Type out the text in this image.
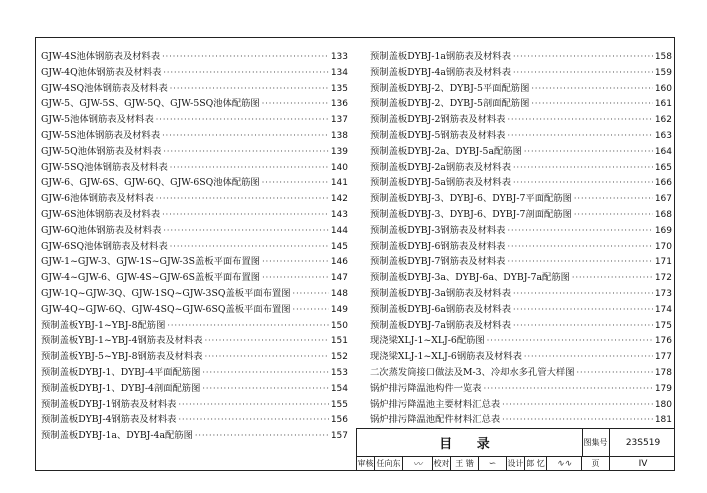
GJW-4S池体钢筋表及材料表 ·····	133
GJW-4Q池体钢筋表及材料表 ·····	134
GJW-4SQ池体钢筋表及材料表 ·····	135
GJW-5、GJW-5S、GJW-5Q、GJW-5SQ池体配筋图 ·····	136
GJW-5池体钢筋表及材料表 ·····	137
GJW-5S池体钢筋表及材料表 ·····	138
GJW-5Q池体钢筋表及材料表 ·····	139
GJW-5SQ池体钢筋表及材料表 ·····	140
GJW-6、GJW-6S、GJW-6Q、GJW-6SQ池体配筋图 ·····	141
GJW-6池体钢筋表及材料表 ·····	142
GJW-6S池体钢筋表及材料表 ·····	143
GJW-6Q池体钢筋表及材料表 ·····	144
GJW-6SQ池体钢筋表及材料表 ·····	145
GJW-1~GJW-3、GJW-1S~GJW-3S盖板平面布置图 ·····	146
GJW-4~GJW-6、GJW-4S~GJW-6S盖板平面布置图 ·····	147
GJW-1Q~GJW-3Q、GJW-1SQ~GJW-3SQ盖板平面布置图 ·····	148
GJW-4Q~GJW-6Q、GJW-4SQ~GJW-6SQ盖板平面布置图 ·····	149
预制盖板YBJ-1~YBJ-8配筋图 ·····	150
预制盖板YBJ-1~YBJ-4钢筋表及材料表 ·····	151
预制盖板YBJ-5~YBJ-8钢筋表及材料表 ·····	152
预制盖板DYBJ-1、DYBJ-4平面配筋图 ·····	153
预制盖板DYBJ-1、DYBJ-4剖面配筋图 ·····	154
预制盖板DYBJ-1钢筋表及材料表 ·····	155
预制盖板DYBJ-4钢筋表及材料表 ·····	156
预制盖板DYBJ-1a、DYBJ-4a配筋图 ·····	157
预制盖板DYBJ-1a钢筋表及材料表 ·····	158
预制盖板DYBJ-4a钢筋表及材料表 ·····	159
预制盖板DYBJ-2、DYBJ-5平面配筋图 ·····	160
预制盖板DYBJ-2、DYBJ-5剖面配筋图 ·····	161
预制盖板DYBJ-2钢筋表及材料表 ·····	162
预制盖板DYBJ-5钢筋表及材料表 ·····	163
预制盖板DYBJ-2a、DYBJ-5a配筋图 ·····	164
预制盖板DYBJ-2a钢筋表及材料表 ·····	165
预制盖板DYBJ-5a钢筋表及材料表 ·····	166
预制盖板DYBJ-3、DYBJ-6、DYBJ-7平面配筋图 ·····	167
预制盖板DYBJ-3、DYBJ-6、DYBJ-7剖面配筋图 ·····	168
预制盖板DYBJ-3钢筋表及材料表 ·····	169
预制盖板DYBJ-6钢筋表及材料表 ·····	170
预制盖板DYBJ-7钢筋表及材料表 ·····	171
预制盖板DYBJ-3a、DYBJ-6a、DYBJ-7a配筋图 ·····	172
预制盖板DYBJ-3a钢筋表及材料表 ·····	173
预制盖板DYBJ-6a钢筋表及材料表 ·····	174
预制盖板DYBJ-7a钢筋表及材料表 ·····	175
现浇梁XLJ-1~XLJ-6配筋图 ·····	176
现浇梁XLJ-1~XLJ-6钢筋表及材料表 ·····	177
二次蒸发筒接口做法及M-3、冷却水多孔管大样图 ·····	178
锅炉排污降温池构件一览表 ·····	179
锅炉排污降温池主要材料汇总表 ·····	180
锅炉排污降温池配件材料汇总表 ·····	181
目 录	图集号	23S519
审核 任向东 〰 校对 王 锴	∽ 设计 郎 忆 ∿∿	页	IV
